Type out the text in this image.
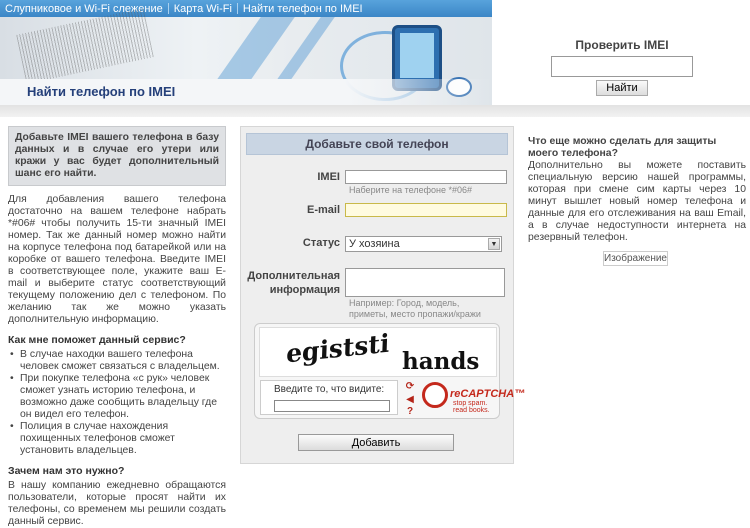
Слупниковое и Wi-Fi слежение	Карта Wi-Fi	Найти телефон по IMEI
Найти телефон по IMEI
Проверить IMEI
Найти
Добавьте IMEI вашего телефона в базу данных и в случае его утери или кражи у вас будет дополнительный шанс его найти.

Для добавления вашего телефона достаточно на вашем телефоне набрать *#06# чтобы получить 15-ти значный IMEI номер. Так же данный номер можно найти на корпусе телефона под батарейкой или на коробке от вашего телефона. Введите IMEI в соответствующее поле, укажите ваш E-mail и выберите статус соответствующий текущему положению дел с телефоном. По желанию так же можно указать дополнительную информацию.

Как мне поможет данный сервис?
• В случае находки вашего телефона человек сможет связаться с владельцем.
• При покупке телефона «с рук» человек сможет узнать историю телефона, и возможно даже сообщить владельцу где он видел его телефон.
• Полиция в случае нахождения похищенных телефонов сможет установить владельцев.
Зачем нам это нужно?

В нашу компанию ежедневно обращаются пользователи, которые просят найти их телефоны, со временем мы решили создать данный сервис.

Добавьте свой телефон
IMEI
Наберите на телефоне *#06#
E-mail
Статус У хозяина	▼
Дополнительная
информация
Например: Город, модель, приметы, место пропажи/кражи
egiststi hands
Введите то, что видите:	⟳
◀
?
reCAPTCHA™
stop spam.
read books.
Добавить
Что еще можно сделать для защиты моего телефона?

Дополнительно вы можете поставить специальную версию нашей программы, которая при смене сим карты через 10 минут вышлет новый номер телефона и данные для его отслеживания на ваш Email, а в случае недоступности интернета на резервный телефон.

Изображение
